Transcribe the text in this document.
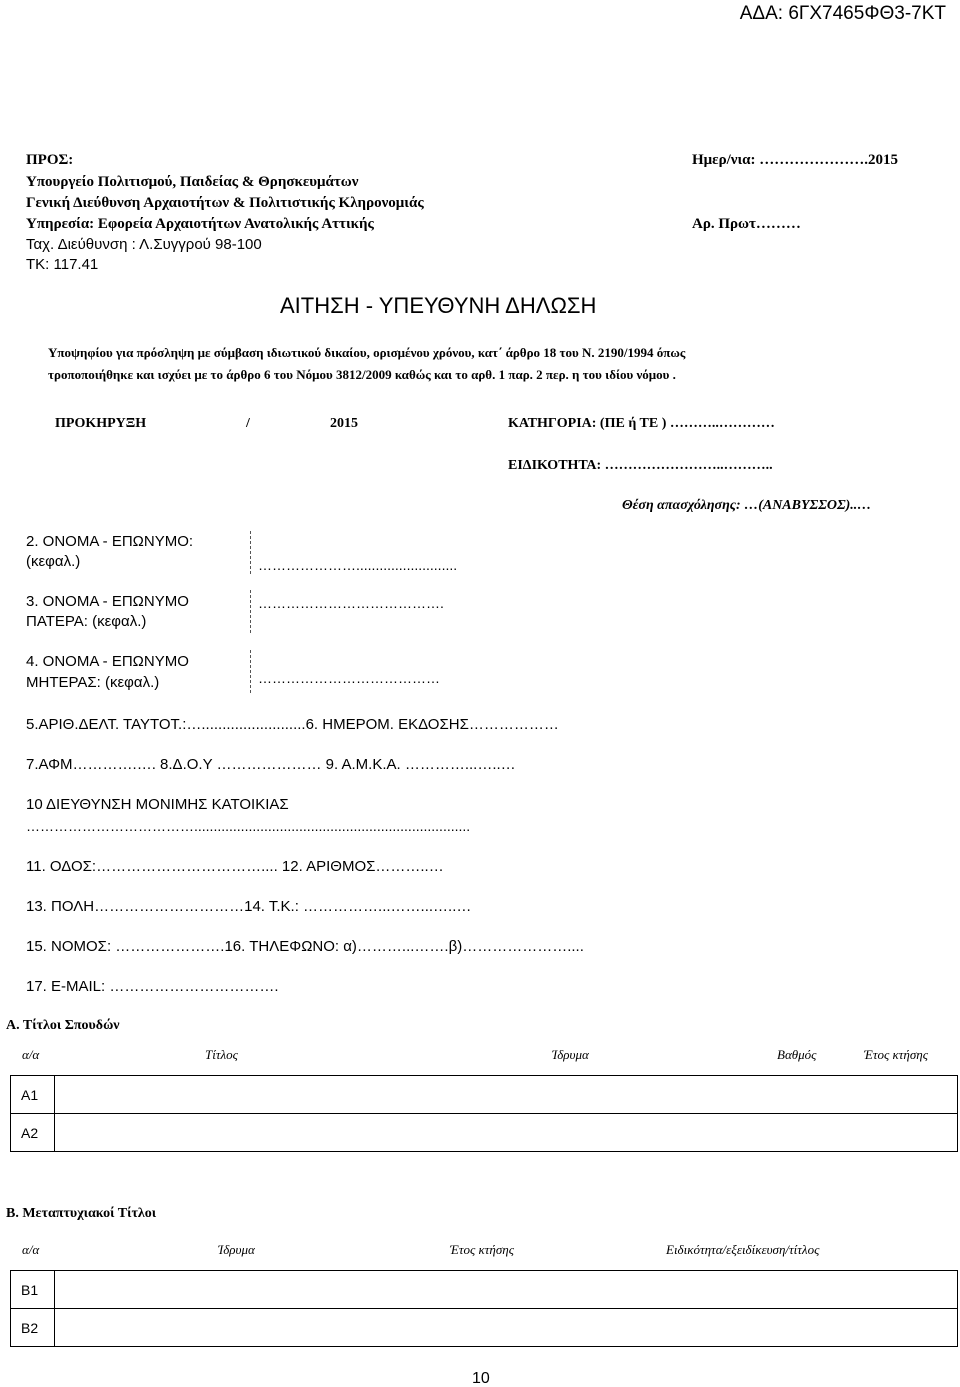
ΑΔΑ: 6ΓΧ7465ΦΘ3-7ΚΤ
ΠΡΟΣ:
Υπουργείο Πολιτισμού, Παιδείας & Θρησκευμάτων
Γενική Διεύθυνση Αρχαιοτήτων & Πολιτιστικής Κληρονομιάς
Υπηρεσία: Εφορεία Αρχαιοτήτων Ανατολικής Αττικής
Ταχ. Διεύθυνση : Λ.Συγγρού 98-100
ΤΚ: 117.41
Ημερ/νια: ………………….2015
Αρ. Πρωτ………
ΑΙΤΗΣΗ - ΥΠΕΥΘΥΝΗ ΔΗΛΩΣΗ
Υποψηφίου για πρόσληψη με σύμβαση ιδιωτικού δικαίου, ορισμένου χρόνου, κατ΄ άρθρο 18 του Ν. 2190/1994 όπως
τροποποιήθηκε και ισχύει με το άρθρο 6 του Νόμου 3812/2009 καθώς και το αρθ. 1 παρ. 2 περ. η του ιδίου νόμου .
ΠΡΟΚΗΡΥΞΗ	/	2015	ΚΑΤΗΓΟΡΙΑ: (ΠΕ ή ΤΕ ) ………..…………
ΕΙΔΙΚΟΤΗΤΑ: ……………………..………..
Θέση απασχόλησης: …(ΑΝΑΒΥΣΣΟΣ)..…
2. ΟΝΟΜΑ - ΕΠΩΝΥΜΟ:
(κεφαλ.)	…………………..........................
3. ΟΝΟΜΑ - ΕΠΩΝΥΜΟ
ΠΑΤΕΡΑ: (κεφαλ.)
………………………………….
4. ΟΝΟΜΑ - ΕΠΩΝΥΜΟ
ΜΗΤΕΡΑΣ: (κεφαλ.)	…………………………………
5.ΑΡΙΘ.ΔΕΛΤ. ΤΑΥΤΟΤ.:….........................6. ΗΜΕΡΟΜ. ΕΚΔΟΣΗΣ………………
7.ΑΦΜ………….…. 8.Δ.Ο.Υ ………………… 9. Α.Μ.Κ.Α. …………...…..…
10 ΔΙΕΥΘΥΝΣΗ ΜΟΝΙΜΗΣ ΚΑΤΟΙΚΙΑΣ
……………………………….......................................................................
11. ΟΔΟΣ:…………………………….... 12. ΑΡΙΘΜΟΣ………..…
13. ΠΟΛΗ…………………………14. Τ.Κ.: ……………...……...…..…
15. ΝΟΜΟΣ: ………………….16. ΤΗΛΕΦΩΝΟ: α)………...…….β)…………………....
17. E-MAIL: …………………………….
Α. Τίτλοι Σπουδών
α/α	Τίτλος	Ίδρυμα	Βαθμός	Έτος κτήσης
Α1	
Α2	
Β. Μεταπτυχιακοί Τίτλοι
α/α	Ίδρυμα	Έτος κτήσης	Ειδικότητα/εξειδίκευση/τίτλος
Β1	
Β2	
10
